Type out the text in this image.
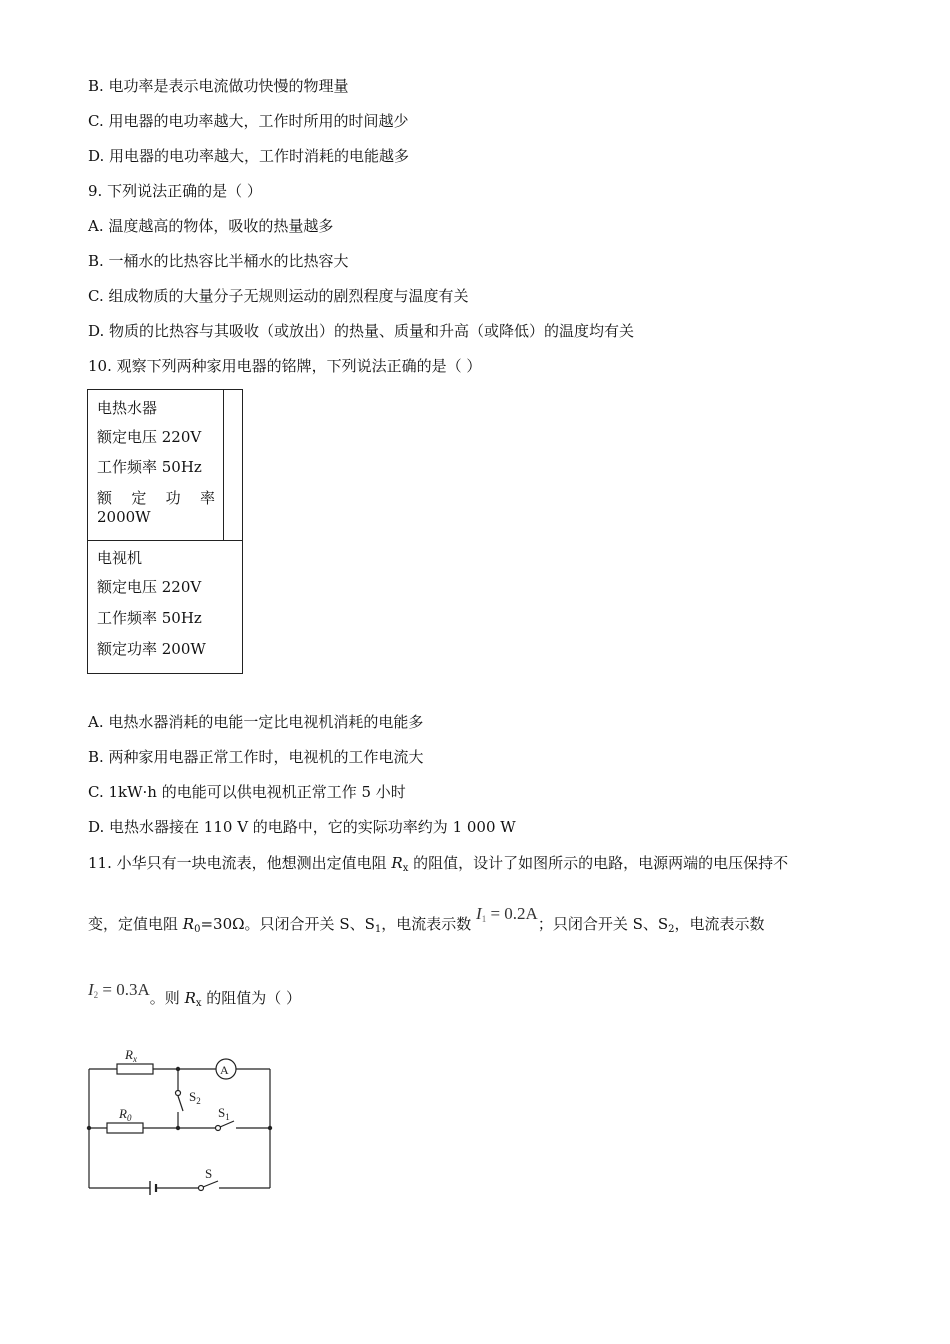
B. 电功率是表示电流做功快慢的物理量
C. 用电器的电功率越大，工作时所用的时间越少
D. 用电器的电功率越大，工作时消耗的电能越多
9. 下列说法正确的是（ ）
A. 温度越高的物体，吸收的热量越多
B. 一桶水的比热容比半桶水的比热容大
C. 组成物质的大量分子无规则运动的剧烈程度与温度有关
D. 物质的比热容与其吸收（或放出）的热量、质量和升高（或降低）的温度均有关
10. 观察下列两种家用电器的铭牌，下列说法正确的是（ ）
电热水器
额定电压 220V
工作频率 50Hz
额 定 功 率
2000W
电视机
额定电压 220V
工作频率 50Hz
额定功率 200W
A. 电热水器消耗的电能一定比电视机消耗的电能多
B. 两种家用电器正常工作时，电视机的工作电流大
C. 1kW·h 的电能可以供电视机正常工作 5 小时
D. 电热水器接在 110 V 的电路中，它的实际功率约为 1 000 W
11. 小华只有一块电流表，他想测出定值电阻 $R_x$ 的阻值，设计了如图所示的电路，电源两端的电压保持不
变，定值电阻 $R_0=30\Omega$。只闭合开关 S、$S_1$，电流表示数 $I_1 = 0.2A$；只闭合开关 S、$S_2$，电流表示数
$I_2 = 0.3A$。则 $R_x$ 的阻值为（ ）
$R_x$
A
$S_2$
$R_0$	$S_1$
S
